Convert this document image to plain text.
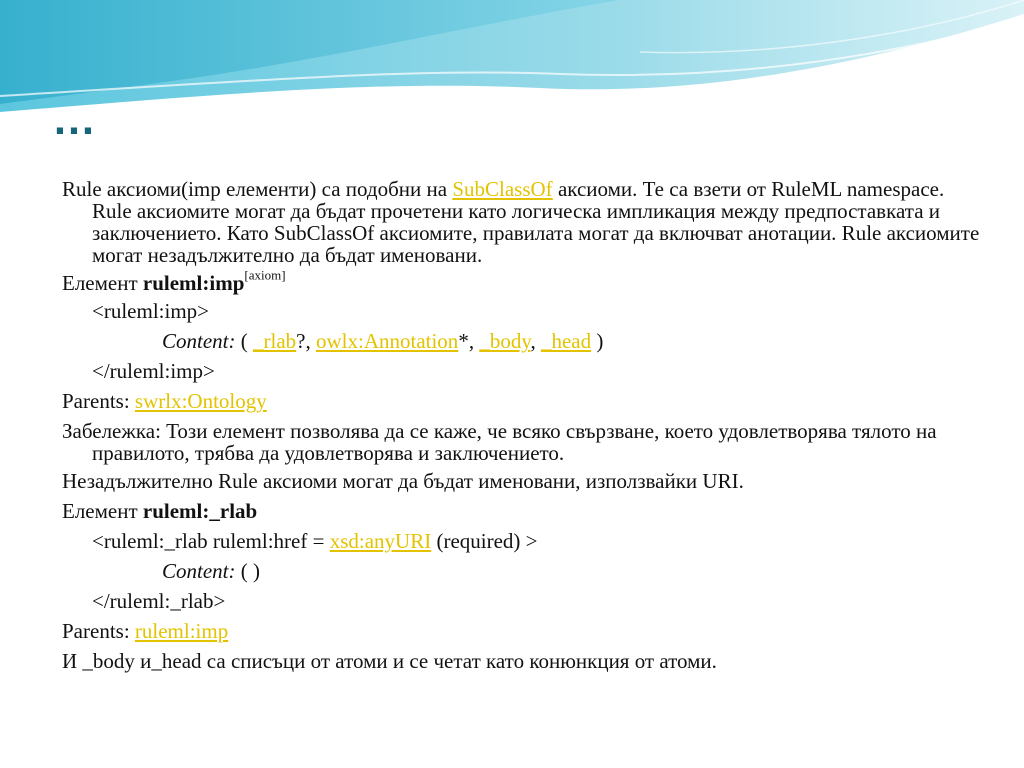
…
Rule аксиоми(imp елементи) са подобни на SubClassOf аксиоми. Те са взети от RuleML namespace. Rule аксиомите могат да бъдат прочетени като логическа импликация между предпоставката и заключението. Като SubClassOf аксиомите, правилата могат да включват анотации. Rule аксиомите могат незадължително да бъдат именовани.
Елемент ruleml:imp[axiom]
<ruleml:imp>
Content: ( _rlab?, owlx:Annotation*, _body, _head )
</ruleml:imp>
Parents: swrlx:Ontology
Забележка: Този елемент позволява да се каже, че всяко свързване, което удовлетворява тялото на правилото, трябва да удовлетворява и заключението.
Незадължително Rule аксиоми могат да бъдат именовани, използвайки URI.
Елемент ruleml:_rlab
<ruleml:_rlab ruleml:href = xsd:anyURI (required) >
Content: ( )
</ruleml:_rlab>
Parents: ruleml:imp
И _body и_head са списъци от атоми и се четат като конюнкция от атоми.
